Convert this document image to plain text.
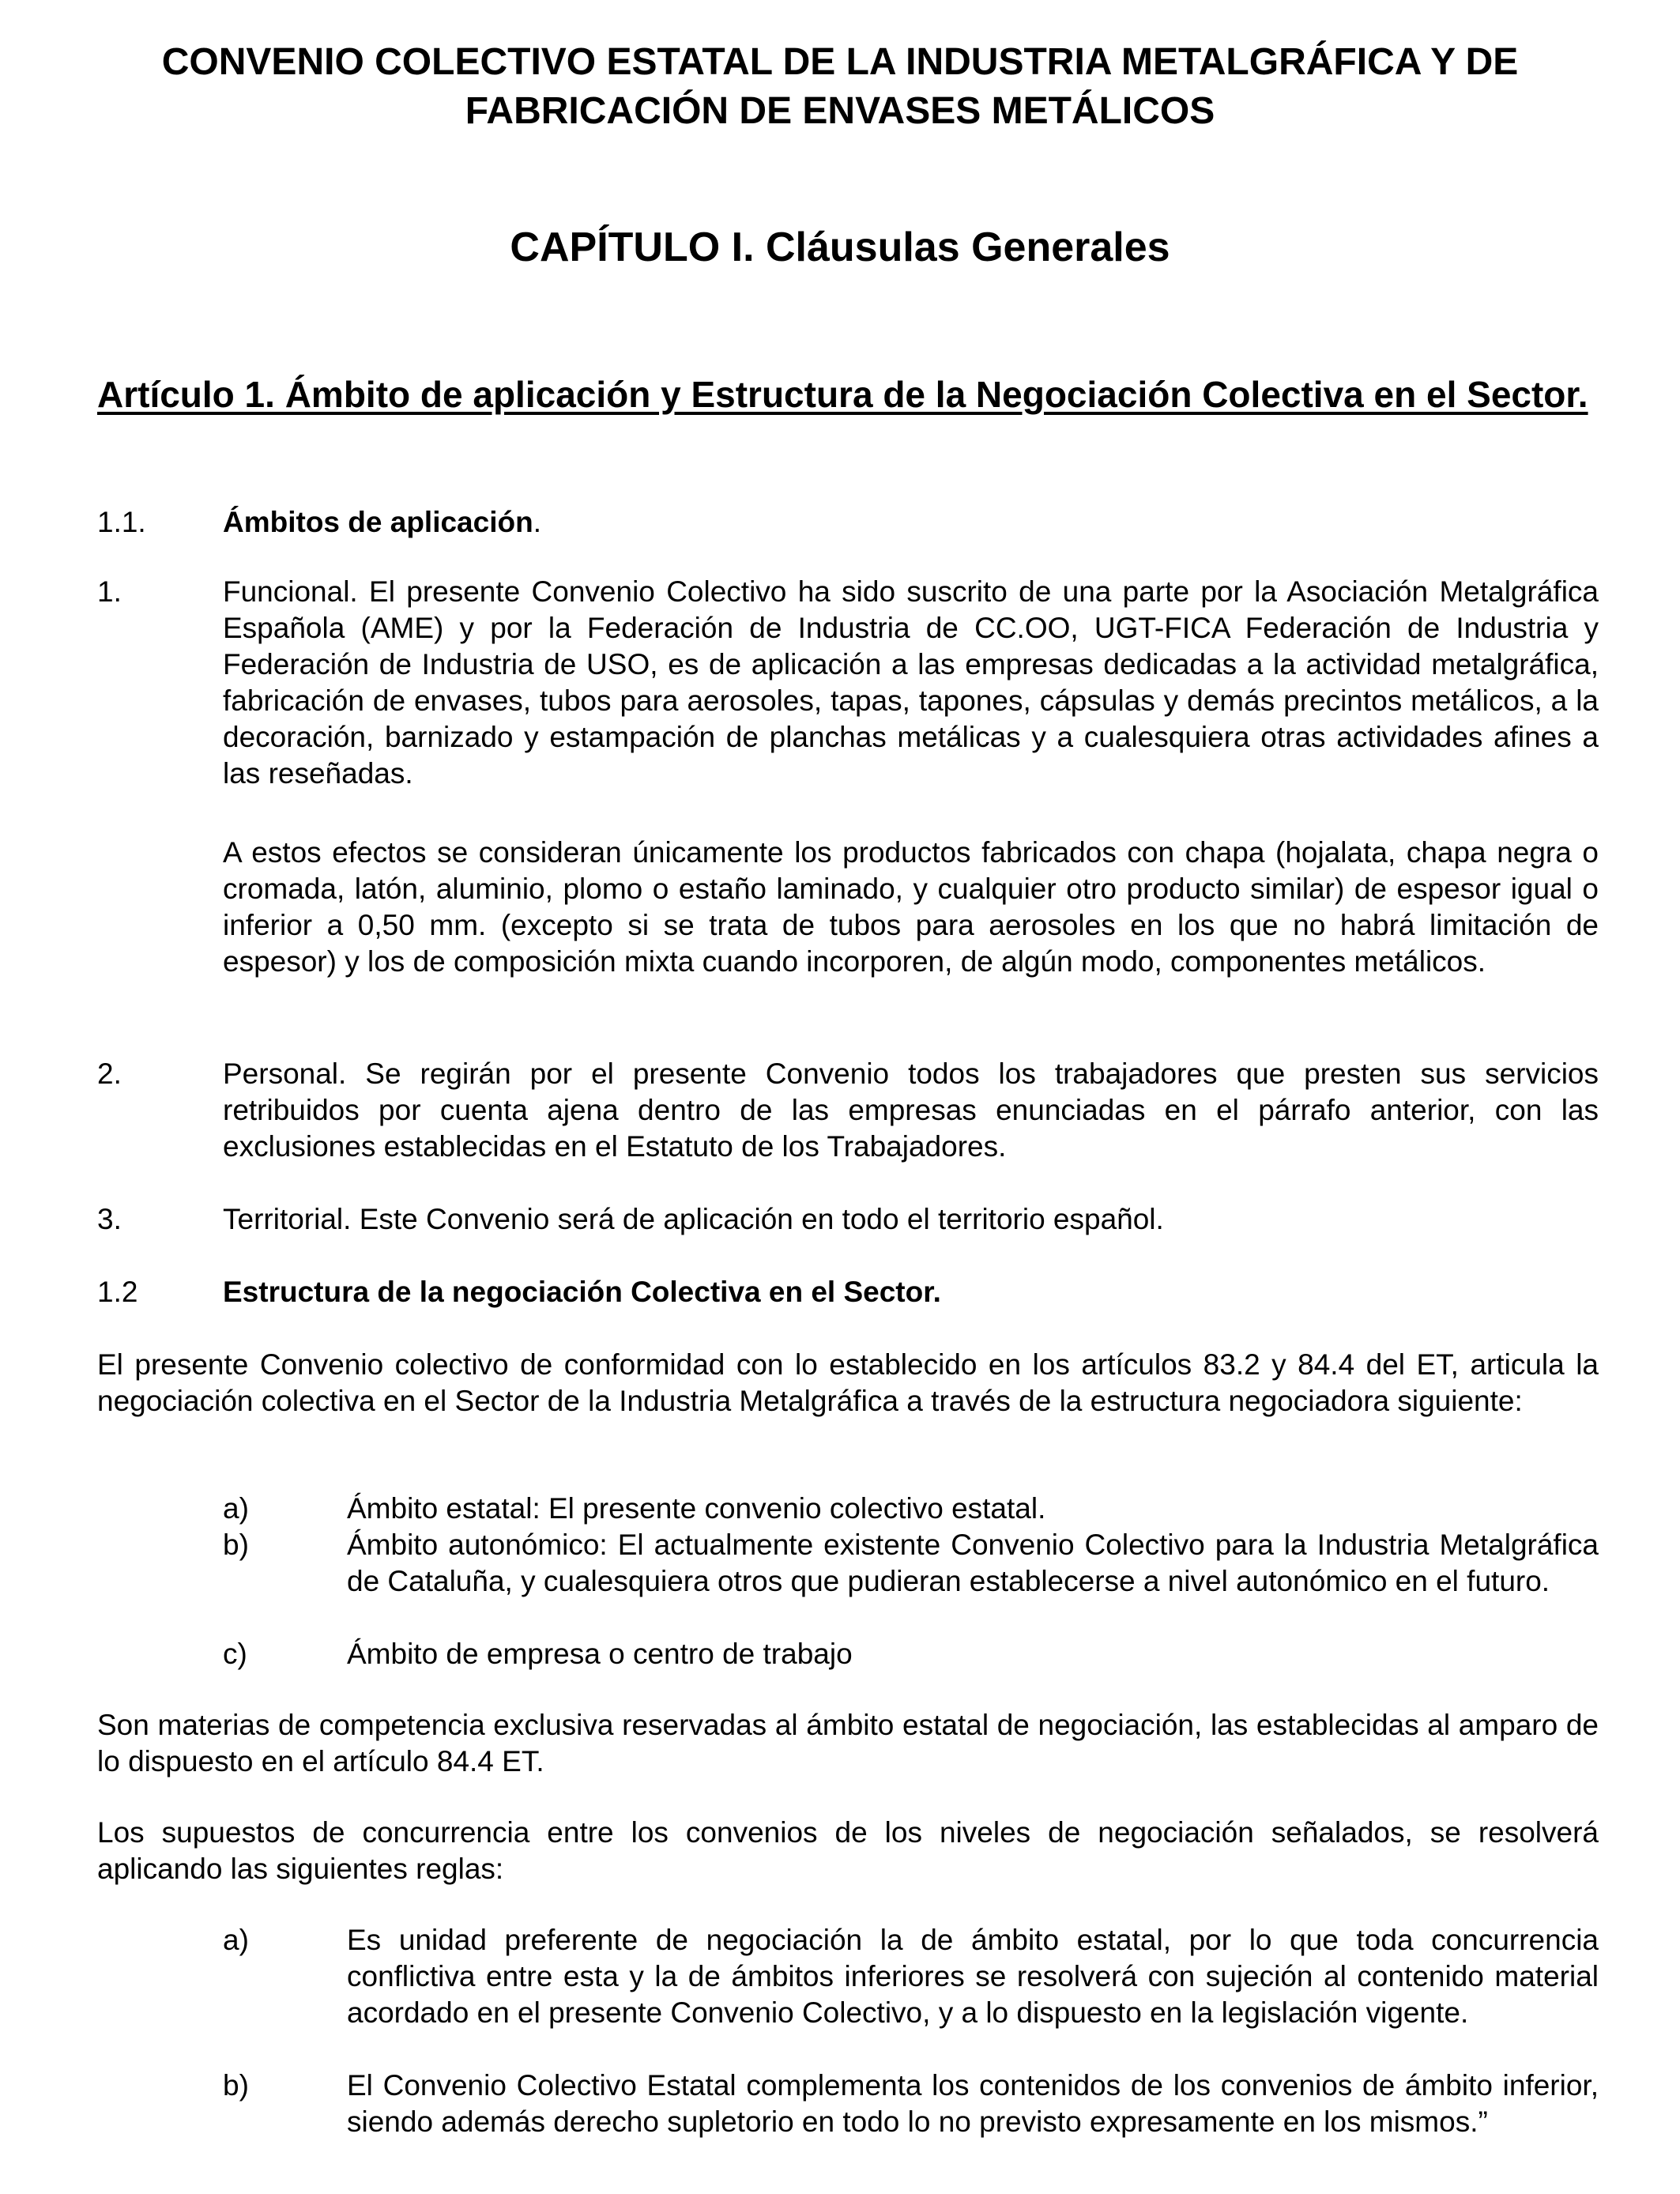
CONVENIO COLECTIVO ESTATAL DE LA INDUSTRIA METALGRÁFICA Y DE FABRICACIÓN DE ENVASES METÁLICOS
CAPÍTULO I. Cláusulas Generales
Artículo 1. Ámbito de aplicación y Estructura de la Negociación Colectiva en el Sector.
1.1.	Ámbitos de aplicación.
1.	Funcional. El presente Convenio Colectivo ha sido suscrito de una parte por la Asociación Metalgráfica Española (AME) y por la Federación de Industria de CC.OO, UGT-FICA Federación de Industria y Federación de Industria de USO, es de aplicación a las empresas dedicadas a la actividad metalgráfica, fabricación de envases, tubos para aerosoles, tapas, tapones, cápsulas y demás precintos metálicos, a la decoración, barnizado y estampación de planchas metálicas y a cualesquiera otras actividades afines a las reseñadas.
A estos efectos se consideran únicamente los productos fabricados con chapa (hojalata, chapa negra o cromada, latón, aluminio, plomo o estaño laminado, y cualquier otro producto similar) de espesor igual o inferior a 0,50 mm. (excepto si se trata de tubos para aerosoles en los que no habrá limitación de espesor) y los de composición mixta cuando incorporen, de algún modo, componentes metálicos.
2.	Personal. Se regirán por el presente Convenio todos los trabajadores que presten sus servicios retribuidos por cuenta ajena dentro de las empresas enunciadas en el párrafo anterior, con las exclusiones establecidas en el Estatuto de los Trabajadores.
3.	Territorial. Este Convenio será de aplicación en todo el territorio español.
1.2	Estructura de la negociación Colectiva en el Sector.
El presente Convenio colectivo de conformidad con lo establecido en los artículos 83.2 y 84.4 del ET, articula la negociación colectiva en el Sector de la Industria Metalgráfica a través de la estructura negociadora siguiente:
a)	Ámbito estatal: El presente convenio colectivo estatal.
b)	Ámbito autonómico: El actualmente existente Convenio Colectivo para la Industria Metalgráfica de Cataluña, y cualesquiera otros que pudieran establecerse a nivel autonómico en el futuro.
c)	Ámbito de empresa o centro de trabajo
Son materias de competencia exclusiva reservadas al ámbito estatal de negociación, las establecidas al amparo de lo dispuesto en el artículo 84.4 ET.
Los supuestos de concurrencia entre los convenios de los niveles de negociación señalados, se resolverá aplicando las siguientes reglas:
a)	Es unidad preferente de negociación la de ámbito estatal, por lo que toda concurrencia conflictiva entre esta y la de ámbitos inferiores se resolverá con sujeción al contenido material acordado en el presente Convenio Colectivo, y a lo dispuesto en la legislación vigente.
b)	El Convenio Colectivo Estatal complementa los contenidos de los convenios de ámbito inferior, siendo además derecho supletorio en todo lo no previsto expresamente en los mismos.”
